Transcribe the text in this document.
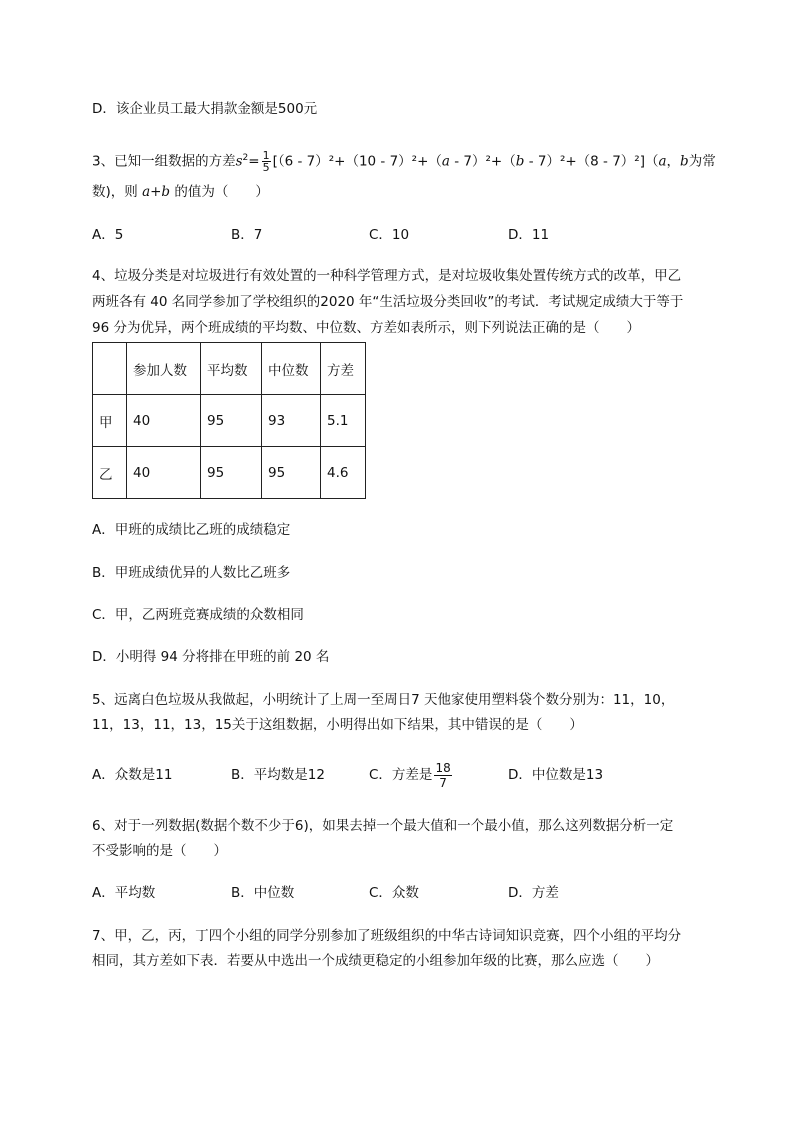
D．该企业员工最大捐款金额是500元
3、已知一组数据的方差$s^2= \frac{1}{5} [(6 - 7)^2+(10 - 7)^2+(a - 7)^2+(b - 7)^2+(8 - 7)^2](a$，b为常
数)，则 a+b 的值为（　　）
A．5	B．7	C．10	D．11
4、垃圾分类是对垃圾进行有效处置的一种科学管理方式，是对垃圾收集处置传统方式的改革，甲乙
两班各有 40 名同学参加了学校组织的2020 年“生活垃圾分类回收”的考试．考试规定成绩大于等于
96 分为优异，两个班成绩的平均数、中位数、方差如表所示，则下列说法正确的是（　　）
	参加人数	平均数	中位数	方差
甲	40	95	93	5.1
乙	40	95	95	4.6
A．甲班的成绩比乙班的成绩稳定
B．甲班成绩优异的人数比乙班多
C．甲，乙两班竞赛成绩的众数相同
D．小明得 94 分将排在甲班的前 20 名
5、远离白色垃圾从我做起，小明统计了上周一至周日7 天他家使用塑料袋个数分别为：11，10，
11，13，11，13，15关于这组数据，小明得出如下结果，其中错误的是（　　）
A．众数是11	B．平均数是12	C．方差是 $\frac{18}{7}$	D．中位数是13
6、对于一列数据(数据个数不少于6)，如果去掉一个最大值和一个最小值，那么这列数据分析一定
不受影响的是（　　）
A．平均数	B．中位数	C．众数	D．方差
7、甲，乙，丙，丁四个小组的同学分别参加了班级组织的中华古诗词知识竞赛，四个小组的平均分
相同，其方差如下表．若要从中选出一个成绩更稳定的小组参加年级的比赛，那么应选（　　）
